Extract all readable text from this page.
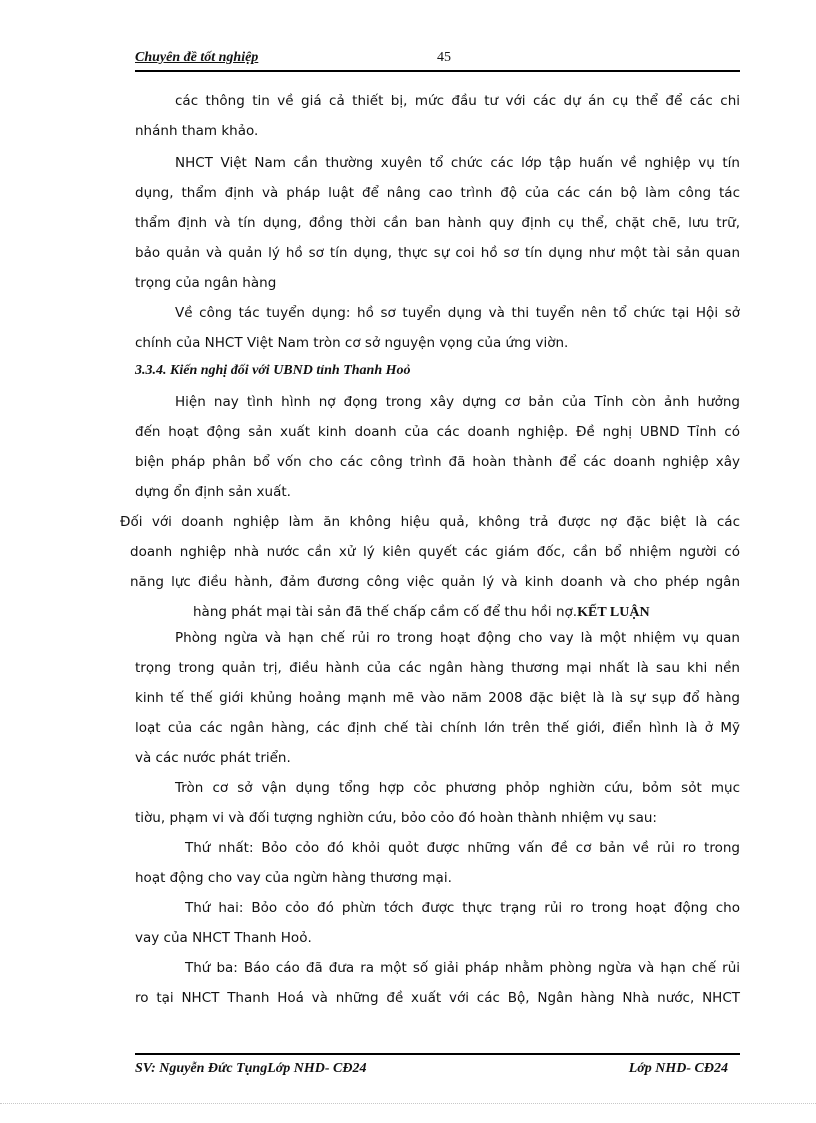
Chuyên đề tốt nghiệp	45
các thông tin về giá cả thiết bị, mức đầu tư với các dự án cụ thể để các chi
nhánh tham khảo.
NHCT Việt Nam cần thường xuyên tổ chức các lớp tập huấn về nghiệp vụ tín
dụng, thẩm định và pháp luật để nâng cao trình độ của các cán bộ làm công tác
thẩm định và tín dụng, đồng thời cần ban hành quy định cụ thể, chặt chẽ, lưu trữ,
bảo quản và quản lý hồ sơ tín dụng, thực sự coi hồ sơ tín dụng như một tài sản quan
trọng của ngân hàng
Về công tác tuyển dụng: hồ sơ tuyển dụng và thi tuyển nên tổ chức tại Hội sở
chính của NHCT Việt Nam tròn cơ sở nguyện vọng của ứng viờn.
3.3.4. Kiến nghị đối với UBND tỉnh Thanh Hoỏ
Hiện nay tình hình nợ đọng trong xây dựng cơ bản của Tỉnh còn ảnh hưởng
đến hoạt động sản xuất kinh doanh của các doanh nghiệp. Đề nghị UBND Tỉnh có
biện pháp phân bổ vốn cho các công trình đã hoàn thành để các doanh nghiệp xây
dựng ổn định sản xuất.
Đối với doanh nghiệp làm ăn không hiệu quả, không trả được nợ đặc biệt là các
doanh nghiệp nhà nước cần xử lý kiên quyết các giám đốc, cần bổ nhiệm người có
năng lực điều hành, đảm đương công việc quản lý và kinh doanh và cho phép ngân
hàng phát mại tài sản đã thế chấp cầm cố để thu hồi nợ.KẾT LUẬN
Phòng ngừa và hạn chế rủi ro trong hoạt động cho vay là một nhiệm vụ quan
trọng trong quản trị, điều hành của các ngân hàng thương mại nhất là sau khi nền
kinh tế thế giới khủng hoảng mạnh mẽ vào năm 2008 đặc biệt là là sự sụp đổ hàng
loạt của các ngân hàng, các định chế tài chính lớn trên thế giới, điển hình là ở Mỹ
và các nước phát triển.
Tròn cơ sở vận dụng tổng hợp cỏc phương phỏp nghiờn cứu, bỏm sỏt mục
tiờu, phạm vi và đối tượng nghiờn cứu, bỏo cỏo đó hoàn thành nhiệm vụ sau:
Thứ nhất: Bỏo cỏo đó khỏi quỏt được những vấn đề cơ bản về rủi ro trong
hoạt động cho vay của ngừn hàng thương mại.
Thứ hai: Bỏo cỏo đó phừn tớch được thực trạng rủi ro trong hoạt động cho
vay của NHCT Thanh Hoỏ.
Thứ ba: Báo cáo đã đưa ra một số giải pháp nhằm phòng ngừa và hạn chế rủi
ro tại NHCT Thanh Hoá và những đề xuất với các Bộ, Ngân hàng Nhà nước, NHCT
SV: Nguyễn Đức TụngLớp NHD- CĐ24	Lớp NHD- CĐ24
